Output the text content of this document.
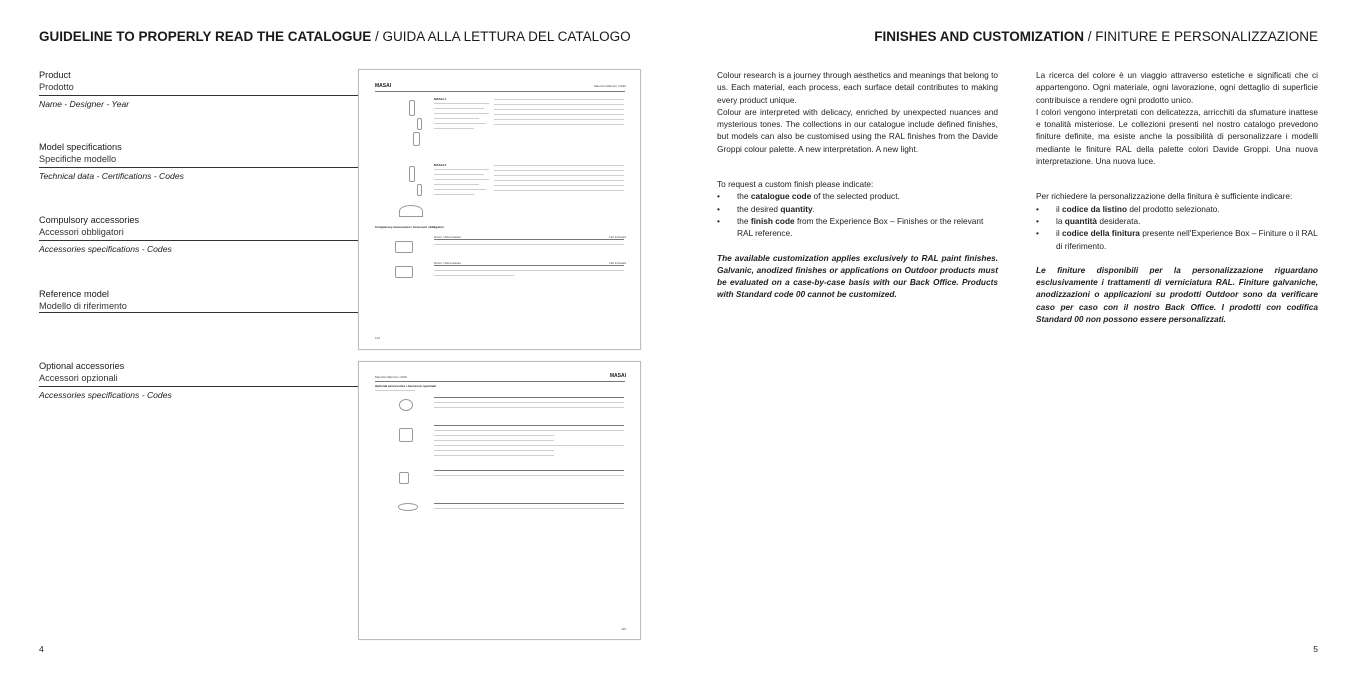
GUIDELINE TO PROPERLY READ THE CATALOGUE / GUIDA ALLA LETTURA DEL CATALOGO
Product
Prodotto
Name - Designer - Year
Model specifications
Specifiche modello
Technical data - Certifications - Codes
Compulsory accessories
Accessori obbligatori
Accessories specifications - Codes
Reference model
Modello di riferimento
Optional accessories
Accessori opzionali
Accessories specifications - Codes
MASAI	Maurizio Marconi | 2015
MASAI 1
MASAI 2
Compulsory accessories / Accessori obbligatori
Driver / Alimentatore	Not included
Driver / Alimentatore	Not included
114
Maurizio Marconi | 2015	MASAI
Optional accessories / Accessori opzionali
115
4
FINISHES AND CUSTOMIZATION / FINITURE E PERSONALIZZAZIONE

Colour research is a journey through aesthetics and meanings that belong to us. Each material, each process, each surface detail contributes to making every product unique.

Colour are interpreted with delicacy, enriched by unexpected nuances and mysterious tones. The collections in our catalogue include defined finishes, but models can also be customised using the RAL finishes from the Davide Groppi colour palette. A new interpretation. A new light.

To request a custom finish please indicate:

• the catalogue code of the selected product.
• the desired quantity.
• the finish code from the Experience Box – Finishes or the relevant RAL reference.

The available customization applies exclusively to RAL paint finishes. Galvanic, anodized finishes or applications on Outdoor products must be evaluated on a case-by-case basis with our Back Office. Products with Standard code 00 cannot be customized.

La ricerca del colore è un viaggio attraverso estetiche e significati che ci appartengono. Ogni materiale, ogni lavorazione, ogni dettaglio di superficie contribuisce a rendere ogni prodotto unico.

I colori vengono interpretati con delicatezza, arricchiti da sfumature inattese e tonalità misteriose. Le collezioni presenti nel nostro catalogo prevedono finiture definite, ma esiste anche la possibilità di personalizzare i modelli mediante le finiture RAL della palette colori Davide Groppi. Una nuova interpretazione. Una nuova luce.

Per richiedere la personalizzazione della finitura è sufficiente indicare:

• il codice da listino del prodotto selezionato.
• la quantità desiderata.
• il codice della finitura presente nell'Experience Box – Finiture o il RAL di riferimento.

Le finiture disponibili per la personalizzazione riguardano esclusivamente i trattamenti di verniciatura RAL. Finiture galvaniche, anodizzazioni o applicazioni su prodotti Outdoor sono da verificare caso per caso con il nostro Back Office. I prodotti con codifica Standard 00 non possono essere personalizzati.

5
